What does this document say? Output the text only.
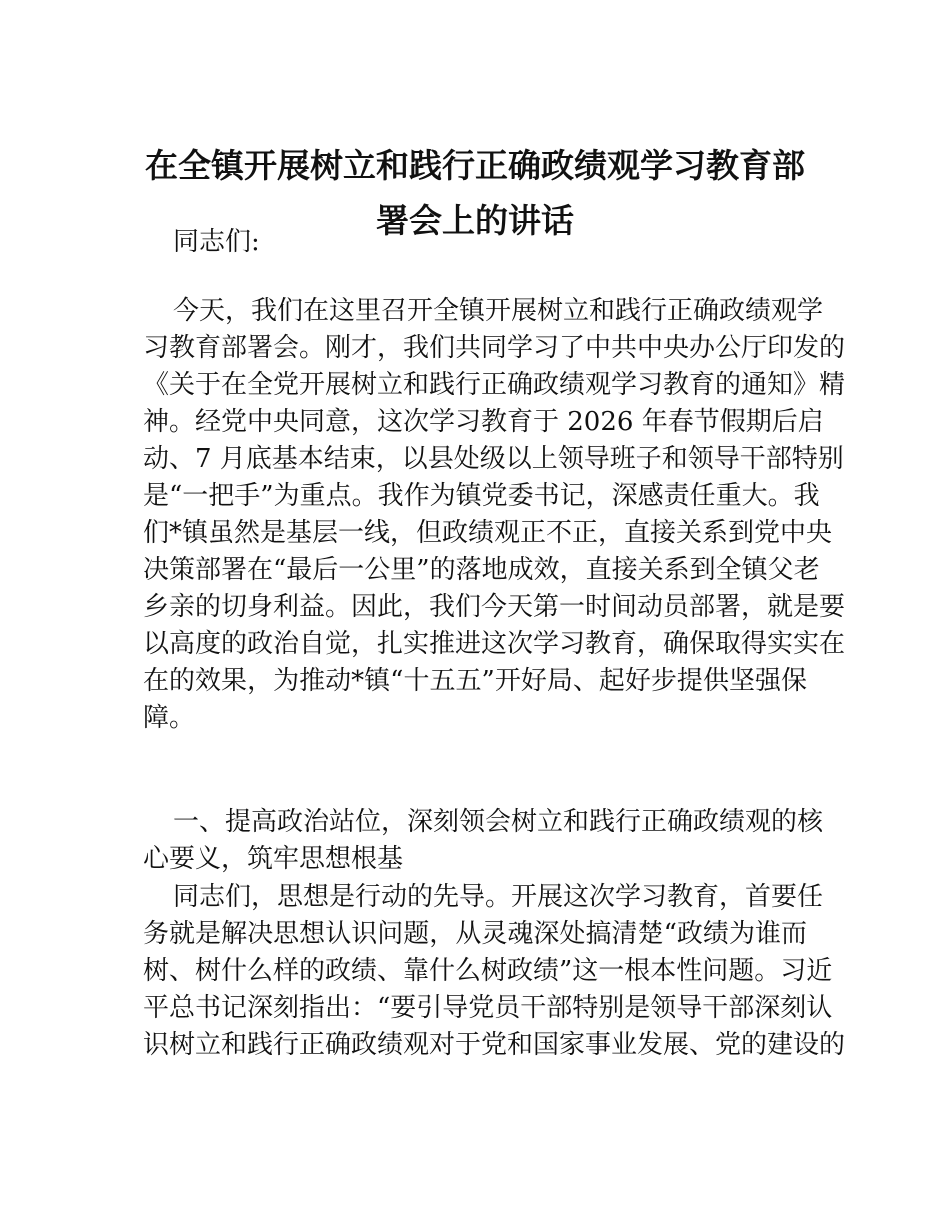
在全镇开展树立和践行正确政绩观学习教育部
署会上的讲话
同志们:
今天，我们在这里召开全镇开展树立和践行正确政绩观学
习教育部署会。刚才，我们共同学习了中共中央办公厅印发的
《关于在全党开展树立和践行正确政绩观学习教育的通知》精
神。经党中央同意，这次学习教育于 2026 年春节假期后启
动、7 月底基本结束，以县处级以上领导班子和领导干部特别
是“一把手”为重点。我作为镇党委书记，深感责任重大。我
们*镇虽然是基层一线，但政绩观正不正，直接关系到党中央
决策部署在“最后一公里”的落地成效，直接关系到全镇父老
乡亲的切身利益。因此，我们今天第一时间动员部署，就是要
以高度的政治自觉，扎实推进这次学习教育，确保取得实实在
在的效果，为推动*镇“十五五”开好局、起好步提供坚强保
障。
一、提高政治站位，深刻领会树立和践行正确政绩观的核
心要义，筑牢思想根基
同志们，思想是行动的先导。开展这次学习教育，首要任
务就是解决思想认识问题，从灵魂深处搞清楚“政绩为谁而
树、树什么样的政绩、靠什么树政绩”这一根本性问题。习近
平总书记深刻指出：“要引导党员干部特别是领导干部深刻认
识树立和践行正确政绩观对于党和国家事业发展、党的建设的
